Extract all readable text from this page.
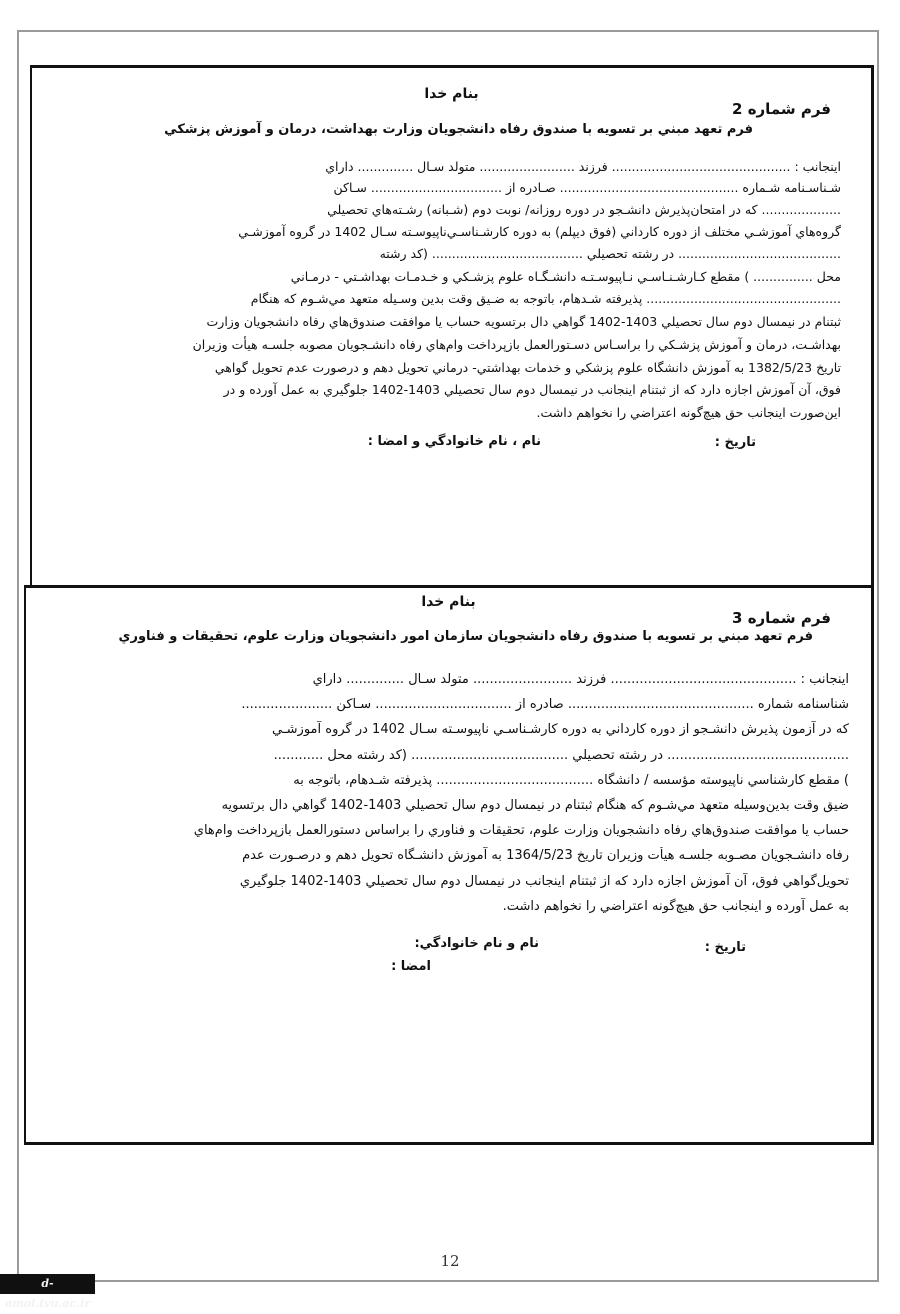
بنام خدا
فرم شماره 2
فرم تعهد مبني بر تسويه با صندوق رفاه دانشجويان وزارت بهداشت، درمان و آموزش پزشكي
اينجانب : ............................................. فرزند ........................ متولد سـال .............. داراي
شـناسـنامه شـماره ............................................. صـادره از ................................. سـاكن
.................... كه در امتحان‌پذيرش دانشـجو در دوره روزانه/ نوبت دوم (شـبانه) رشـته‌هاي تحصيلي
گروه‌هاي آموزشـي مختلف از دوره كارداني (فوق ديپلم) به دوره كارشـناسـي‌ناپيوسـته سـال 1402 در گروه آموزشـي
......................................... در رشته تحصيلي ...................................... (كد رشته
محل ............... ) مقطع كـارشـنـاسـي نـاپيوسـتـه دانشـگـاه علوم پزشـكي و خـدمـات بهداشـتي - درمـاني
................................................. پذيرفته شـدهام، باتوجه به ضـيق وقت بدين وسـيله متعهد مي‌شـوم كه هنگام
ثبتنام در نيمسال دوم سال تحصيلي 1403-1402 گواهي دال برتسويه حساب يا موافقت صندوق‌هاي رفاه دانشجويان وزارت
بهداشـت، درمان و آموزش پزشـكي را براسـاس دسـتورالعمل بازپرداخت وام‌هاي رفاه دانشـجويان مصوبه جلسـه هيأت وزيران
تاريخ 1382/5/23 به آموزش دانشگاه علوم پزشكي و خدمات بهداشتي- درماني تحويل دهم و درصورت عدم تحويل گواهي
فوق، آن آموزش اجازه دارد كه از ثبتنام اينجانب در نيمسال دوم سال تحصيلي 1403-1402 جلوگيري به عمل آورده و در
اين‌صورت اينجانب حق هيچ‌گونه اعتراضي را نخواهم داشت.
تاريخ :
نام ، نام خانوادگي و امضا :
بنام خدا
فرم شماره 3
فرم تعهد مبني بر تسويه با صندوق رفاه دانشجويان سازمان امور دانشجويان وزارت علوم، تحقيقات و فناوري
اينجانب : ............................................. فرزند ........................ متولد سـال .............. داراي
شناسنامه شماره ............................................. صادره از ................................. سـاكن ......................
كه در آزمون پذيرش دانشـجو از دوره كارداني به دوره كارشـناسـي ناپيوسـته سـال 1402 در گروه آموزشـي
............................................ در رشته تحصيلي ...................................... (كد رشته محل ............
) مقطع كارشناسي ناپيوسته مؤسسه / دانشگاه ...................................... پذيرفته شـدهام، باتوجه به
ضيق وقت بدين‌وسيله متعهد مي‌شـوم كه هنگام ثبتنام در نيمسال دوم سال تحصيلي 1403-1402 گواهي دال برتسويه
حساب يا موافقت صندوق‌هاي رفاه دانشجويان وزارت علوم، تحقيقات و فناوري را براساس دستورالعمل بازپرداخت وام‌هاي
رفاه دانشـجويان مصـوبه جلسـه هيأت وزيران تاريخ 1364/5/23 به آموزش دانشـگاه تحويل دهم و درصـورت عدم
تحويل‌گواهي فوق، آن آموزش اجازه دارد كه از ثبتنام اينجانب در نيمسال دوم سال تحصيلي 1403-1402 جلوگيري
به عمل آورده و اينجانب حق هيچ‌گونه اعتراضي را نخواهم داشت.
تاريخ :
نام و نام خانوادگي:
امضا :
12
d-amol.tvu.ac.ir
